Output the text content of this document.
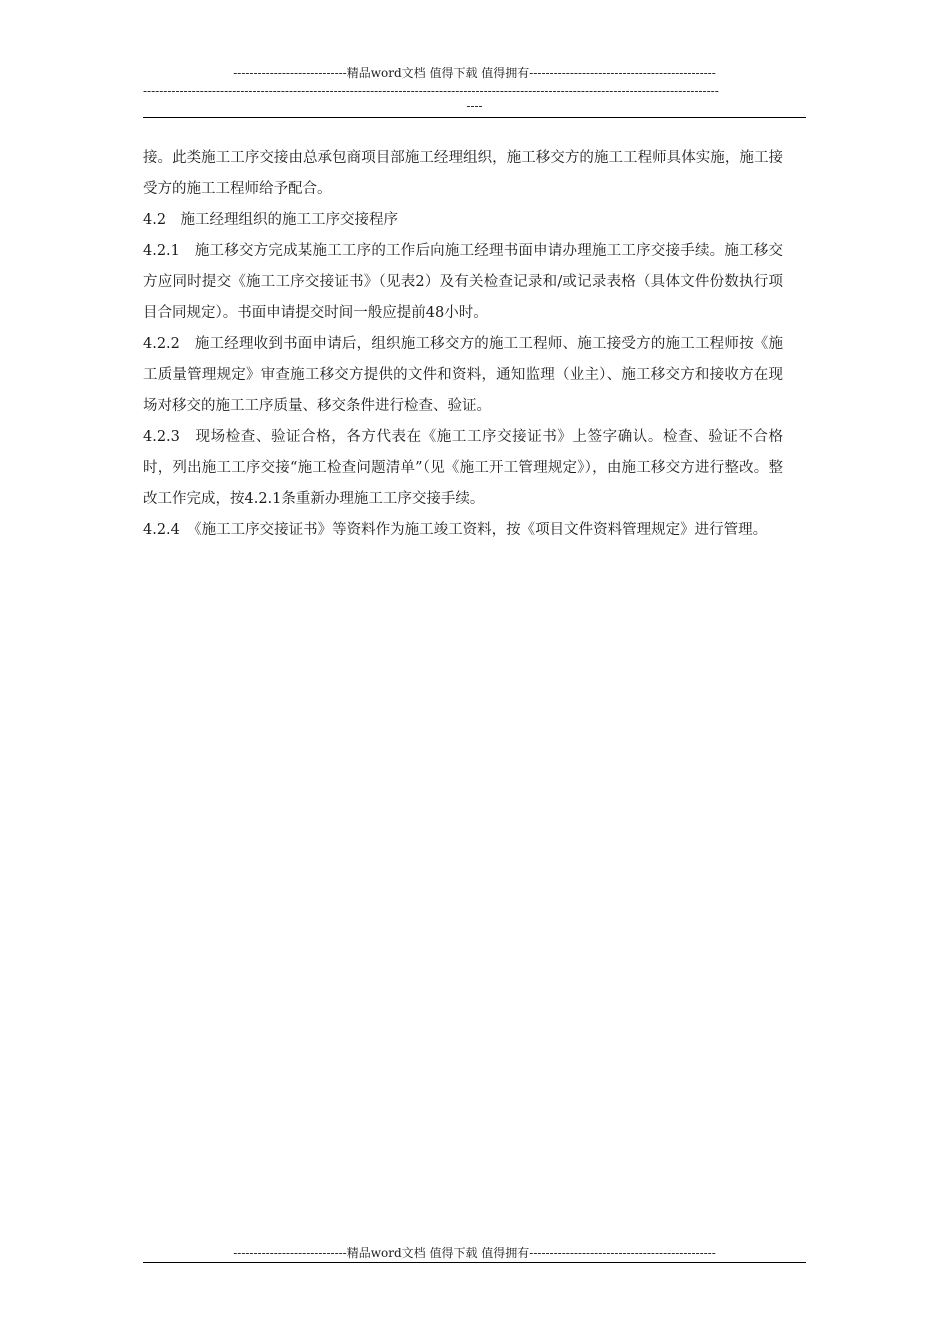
----------------------------精品word文档 值得下载 值得拥有----------------------------------------------
----------------------------------------------------------------------------------------------------------------------------------------------
----

接。此类施工工序交接由总承包商项目部施工经理组织，施工移交方的施工工程师具体实施，施工接受方的施工工程师给予配合。

4.2　施工经理组织的施工工序交接程序

4.2.1　施工移交方完成某施工工序的工作后向施工经理书面申请办理施工工序交接手续。施工移交方应同时提交《施工工序交接证书》（见表2）及有关检查记录和/或记录表格（具体文件份数执行项目合同规定）。书面申请提交时间一般应提前48小时。

4.2.2　施工经理收到书面申请后，组织施工移交方的施工工程师、施工接受方的施工工程师按《施工质量管理规定》审查施工移交方提供的文件和资料，通知监理（业主）、施工移交方和接收方在现场对移交的施工工序质量、移交条件进行检查、验证。

4.2.3　现场检查、验证合格，各方代表在《施工工序交接证书》上签字确认。检查、验证不合格时，列出施工工序交接“施工检查问题清单”（见《施工开工管理规定》），由施工移交方进行整改。整改工作完成，按4.2.1条重新办理施工工序交接手续。

4.2.4　《施工工序交接证书》等资料作为施工竣工资料，按《项目文件资料管理规定》进行管理。

----------------------------精品word文档 值得下载 值得拥有----------------------------------------------
